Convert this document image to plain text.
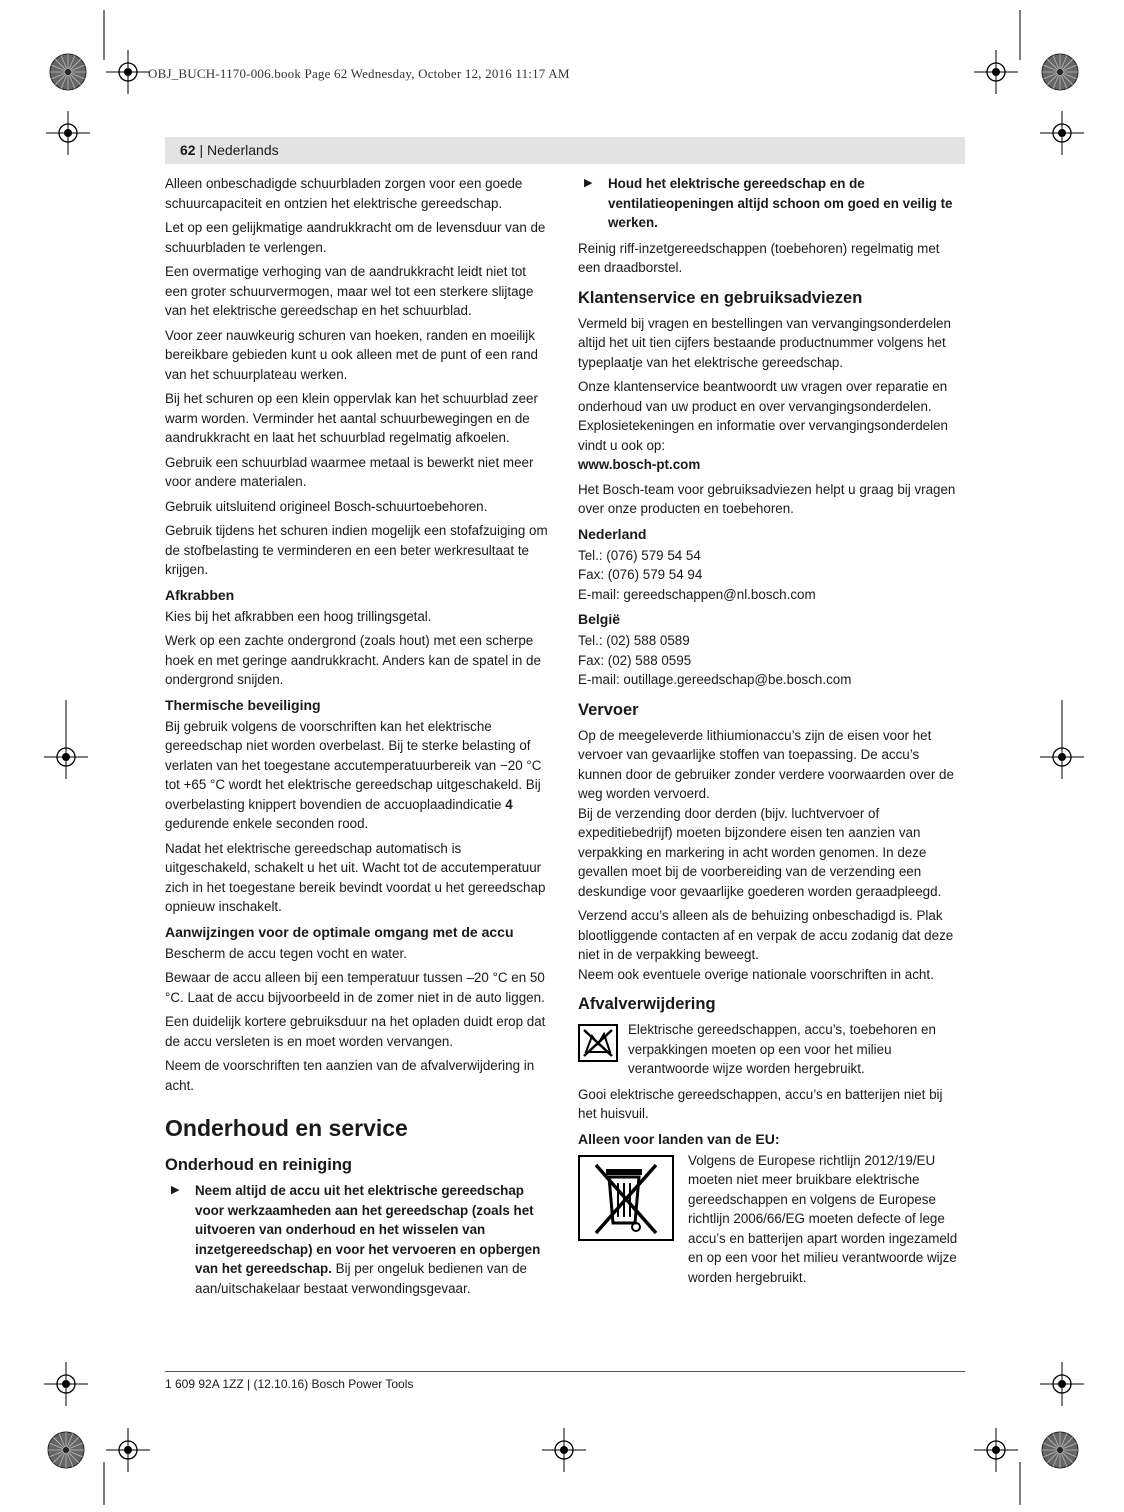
OBJ_BUCH-1170-006.book Page 62 Wednesday, October 12, 2016 11:17 AM
62 | Nederlands

Alleen onbeschadigde schuurbladen zorgen voor een goede schuurcapaciteit en ontzien het elektrische gereedschap.

Let op een gelijkmatige aandrukkracht om de levensduur van de schuurbladen te verlengen.

Een overmatige verhoging van de aandrukkracht leidt niet tot een groter schuurvermogen, maar wel tot een sterkere slijtage van het elektrische gereedschap en het schuurblad.

Voor zeer nauwkeurig schuren van hoeken, randen en moeilijk bereikbare gebieden kunt u ook alleen met de punt of een rand van het schuurplateau werken.

Bij het schuren op een klein oppervlak kan het schuurblad zeer warm worden. Verminder het aantal schuurbewegingen en de aandrukkracht en laat het schuurblad regelmatig afkoelen.

Gebruik een schuurblad waarmee metaal is bewerkt niet meer voor andere materialen.

Gebruik uitsluitend origineel Bosch-schuurtoebehoren.

Gebruik tijdens het schuren indien mogelijk een stofafzuiging om de stofbelasting te verminderen en een beter werkresultaat te krijgen.

Afkrabben

Kies bij het afkrabben een hoog trillingsgetal.

Werk op een zachte ondergrond (zoals hout) met een scherpe hoek en met geringe aandrukkracht. Anders kan de spatel in de ondergrond snijden.

Thermische beveiliging

Bij gebruik volgens de voorschriften kan het elektrische gereedschap niet worden overbelast. Bij te sterke belasting of verlaten van het toegestane accutemperatuurbereik van −20 °C tot +65 °C wordt het elektrische gereedschap uitgeschakeld. Bij overbelasting knippert bovendien de accuoplaadindicatie 4 gedurende enkele seconden rood.

Nadat het elektrische gereedschap automatisch is uitgeschakeld, schakelt u het uit. Wacht tot de accutemperatuur zich in het toegestane bereik bevindt voordat u het gereedschap opnieuw inschakelt.

Aanwijzingen voor de optimale omgang met de accu

Bescherm de accu tegen vocht en water.

Bewaar de accu alleen bij een temperatuur tussen –20 °C en 50 °C. Laat de accu bijvoorbeeld in de zomer niet in de auto liggen.

Een duidelijk kortere gebruiksduur na het opladen duidt erop dat de accu versleten is en moet worden vervangen.

Neem de voorschriften ten aanzien van de afvalverwijdering in acht.

Onderhoud en service
Onderhoud en reiniging
▶ Neem altijd de accu uit het elektrische gereedschap voor werkzaamheden aan het gereedschap (zoals het uitvoeren van onderhoud en het wisselen van inzetgereedschap) en voor het vervoeren en opbergen van het gereedschap. Bij per ongeluk bedienen van de aan/uitschakelaar bestaat verwondingsgevaar.
▶ Houd het elektrische gereedschap en de ventilatieopeningen altijd schoon om goed en veilig te werken.

Reinig riff-inzetgereedschappen (toebehoren) regelmatig met een draadborstel.

Klantenservice en gebruiksadviezen

Vermeld bij vragen en bestellingen van vervangingsonderdelen altijd het uit tien cijfers bestaande productnummer volgens het typeplaatje van het elektrische gereedschap.

Onze klantenservice beantwoordt uw vragen over reparatie en onderhoud van uw product en over vervangingsonderdelen. Explosietekeningen en informatie over vervangingsonderdelen vindt u ook op:

www.bosch-pt.com

Het Bosch-team voor gebruiksadviezen helpt u graag bij vragen over onze producten en toebehoren.

Nederland

Tel.: (076) 579 54 54

Fax: (076) 579 54 94

E-mail: gereedschappen@nl.bosch.com

België

Tel.: (02) 588 0589

Fax: (02) 588 0595

E-mail: outillage.gereedschap@be.bosch.com

Vervoer

Op de meegeleverde lithiumionaccu’s zijn de eisen voor het vervoer van gevaarlijke stoffen van toepassing. De accu’s kunnen door de gebruiker zonder verdere voorwaarden over de weg worden vervoerd.

Bij de verzending door derden (bijv. luchtvervoer of expeditiebedrijf) moeten bijzondere eisen ten aanzien van verpakking en markering in acht worden genomen. In deze gevallen moet bij de voorbereiding van de verzending een deskundige voor gevaarlijke goederen worden geraadpleegd.

Verzend accu’s alleen als de behuizing onbeschadigd is. Plak blootliggende contacten af en verpak de accu zodanig dat deze niet in de verpakking beweegt.

Neem ook eventuele overige nationale voorschriften in acht.

Afvalverwijdering
Elektrische gereedschappen, accu’s, toebehoren en verpakkingen moeten op een voor het milieu verantwoorde wijze worden hergebruikt.

Gooi elektrische gereedschappen, accu’s en batterijen niet bij het huisvuil.

Alleen voor landen van de EU:
Volgens de Europese richtlijn 2012/19/EU moeten niet meer bruikbare elektrische gereedschappen en volgens de Europese richtlijn 2006/66/EG moeten defecte of lege accu’s en batterijen apart worden ingezameld en op een voor het milieu verantwoorde wijze worden hergebruikt.
1 609 92A 1ZZ | (12.10.16) Bosch Power Tools
